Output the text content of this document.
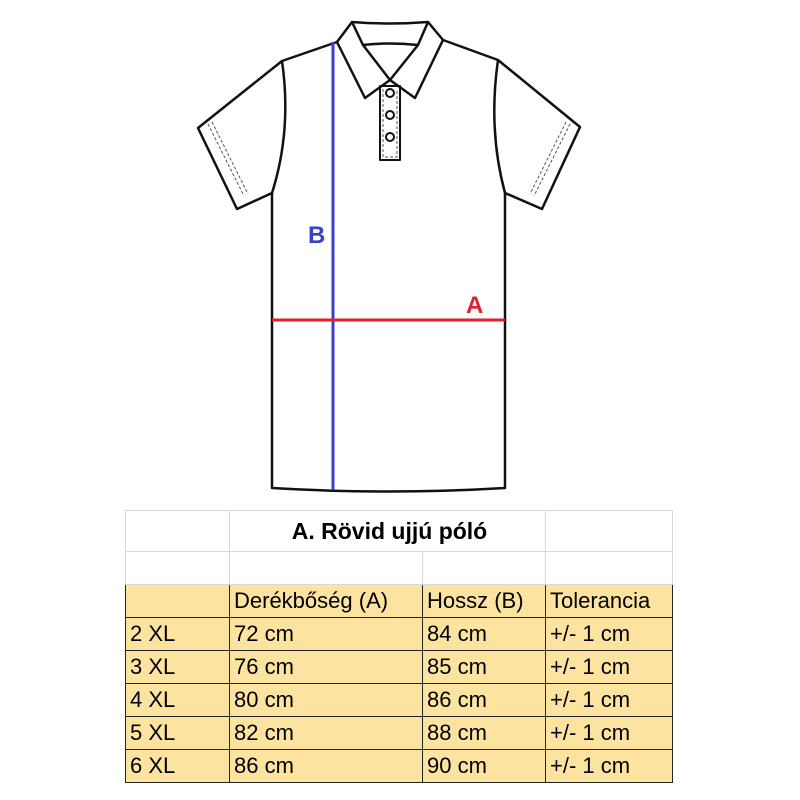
B
A
	A. Rövid ujjú póló		

	Derékbőség (A)	Hossz (B)	Tolerancia
2 XL	72 cm	84 cm	+/- 1 cm
3 XL	76 cm	85 cm	+/- 1 cm
4 XL	80 cm	86 cm	+/- 1 cm
5 XL	82 cm	88 cm	+/- 1 cm
6 XL	86 cm	90 cm	+/- 1 cm
